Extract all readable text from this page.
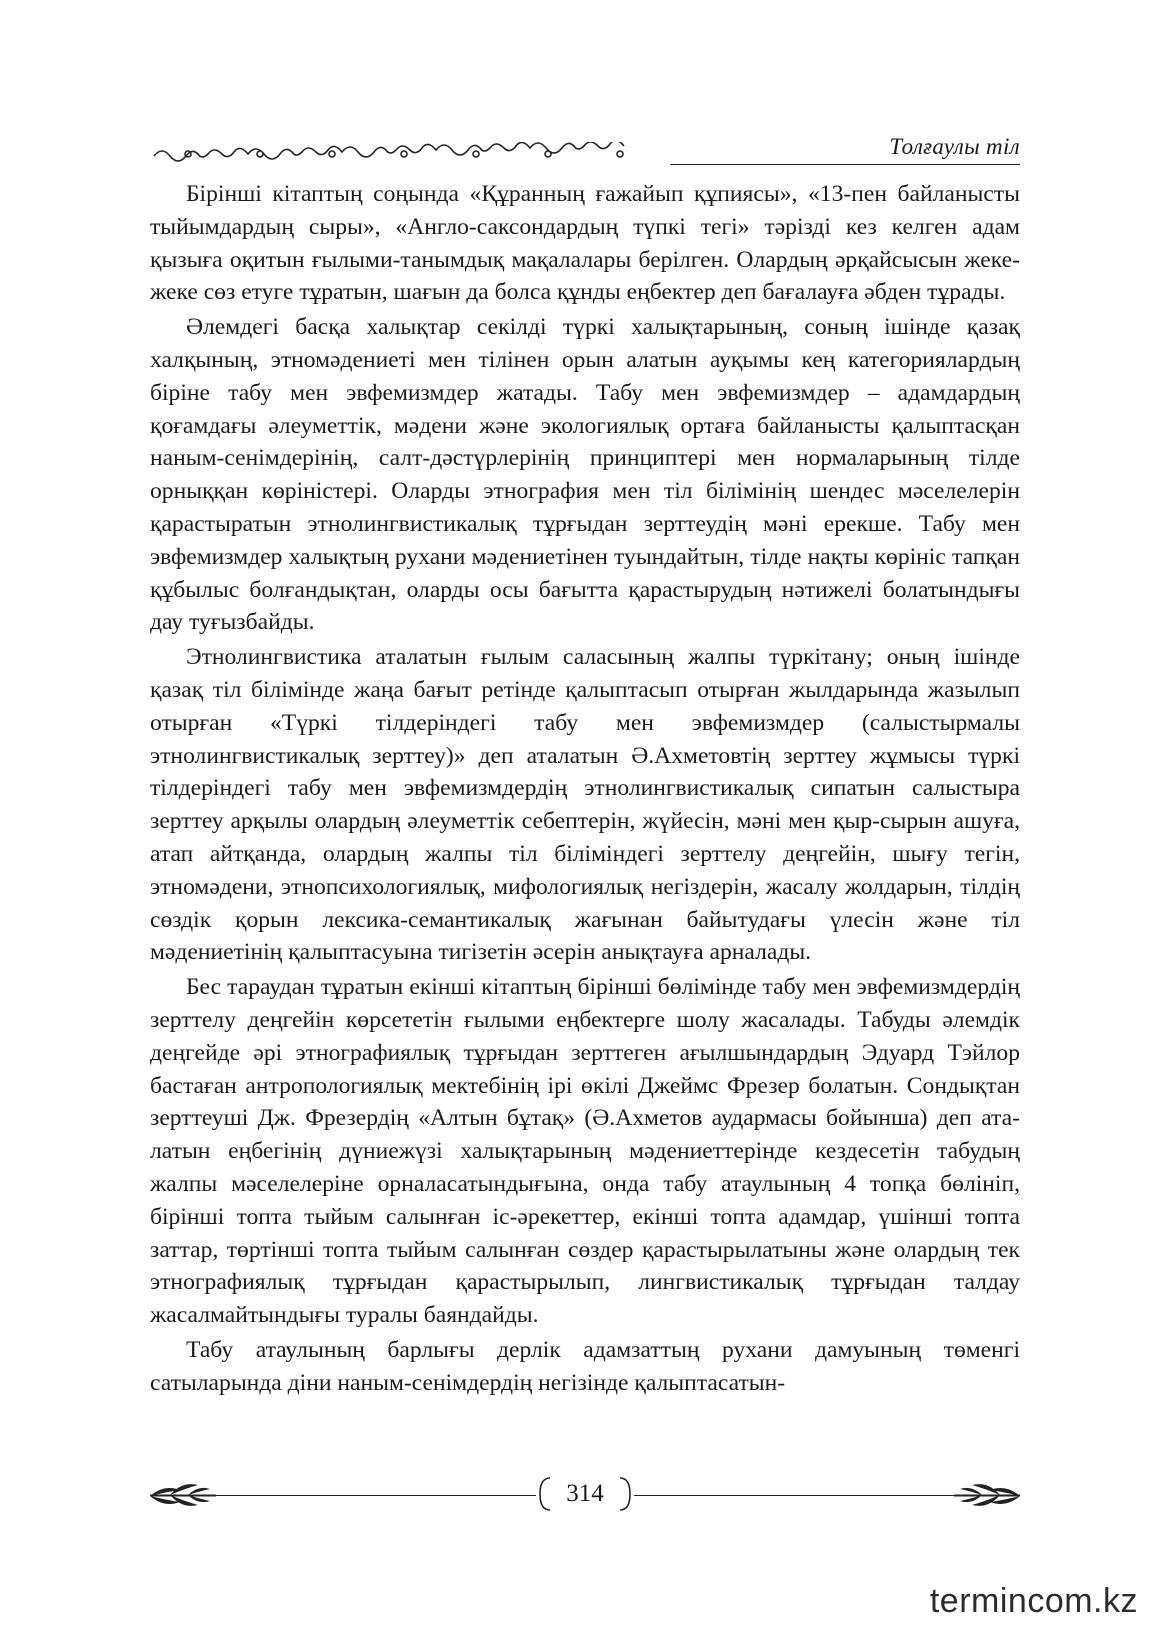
Толғаулы тіл

Бірінші кітаптың соңында «Құранның ғажайып құпиясы», «13-пен байланысты тыйымдардың сыры», «Англо-саксондардың түпкі тегі» тәрізді кез келген адам қызыға оқитын ғылыми-танымдық мақалалары берілген. Олардың әрқайсысын жеке-жеке сөз етуге тұратын, шағын да болса құнды еңбектер деп бағалауға әбден тұрады.

Әлемдегі басқа халықтар секілді түркі халықтарының, соның ішінде қазақ халқының, этномәдениеті мен тілінен орын алатын ауқымы кең категориялардың біріне табу мен эвфемизмдер жатады. Табу мен эвфемизмдер – адамдардың қоғамдағы әлеуметтік, мәдени және экологиялық ортаға байланысты қалыптасқан наным-сенімдерінің, салт-дәстүрлерінің принциптері мен нормаларының тілде орныққан көріністері. Оларды этнография мен тіл білімінің шендес мәселелерін қарастыратын этнолингвистикалық тұрғыдан зерттеудің мәні ерекше. Табу мен эвфемизмдер халықтың рухани мәдениетінен туындайтын, тілде нақты көрініс тапқан құбылыс болғандықтан, оларды осы бағытта қарастырудың нәтижелі болатындығы дау туғызбайды.

Этнолингвистика аталатын ғылым саласының жалпы түркітану; оның ішінде қазақ тіл білімінде жаңа бағыт ретінде қалыптасып отырған жылдарында жазылып отырған «Түркі тілдеріндегі табу мен эвфемизмдер (салыстырмалы этнолингвистикалық зерттеу)» деп аталатын Ә.Ахметовтің зерттеу жұмысы түркі тілдеріндегі табу мен эвфемизмдердің этнолингвистикалық сипатын салыстыра зерттеу арқылы олардың әлеуметтік себептерін, жүйесін, мәні мен қыр-сырын ашуға, атап айтқанда, олардың жалпы тіл біліміндегі зерттелу деңгейін, шығу тегін, этномәдени, этнопсихологиялық, мифологиялық негіздерін, жасалу жолдарын, тілдің сөздік қорын лексика-семантикалық жағынан байытудағы үлесін және тіл мәдениетінің қалыптасуына тигізетін әсерін анықтауға арналады.

Бес тараудан тұратын екінші кітаптың бірінші бөлімінде табу мен эвфемизмдердің зерттелу деңгейін көрсететін ғылыми еңбектерге шолу жасалады. Табуды әлемдік деңгейде әрі этнографиялық тұрғыдан зерттеген ағылшындардың Эдуард Тэйлор бастаған антропологиялық мектебінің ірі өкілі Джеймс Фрезер болатын. Сондықтан зерттеуші Дж. Фрезердің «Алтын бұтақ» (Ә.Ахметов аудармасы бойынша) деп аталатын еңбегінің дүниежүзі халықтарының мәдениеттерінде кездесетін табудың жалпы мәселелеріне орналасатындығына, онда табу атаулының 4 топқа бөлініп, бірінші топта тыйым салынған іс-әрекеттер, екінші топта адамдар, үшінші топта заттар, төртінші топта тыйым салынған сөздер қарастырылатыны және олардың тек этнографиялық тұрғыдан қарастырылып, лингвистикалық тұрғыдан талдау жасалмайтындығы туралы баяндайды.

Табу атаулының барлығы дерлік адамзаттың рухани дамуының төменгі сатыларында діни наным-сенімдердің негізінде қалыптасатын-

314
termincom.kz
